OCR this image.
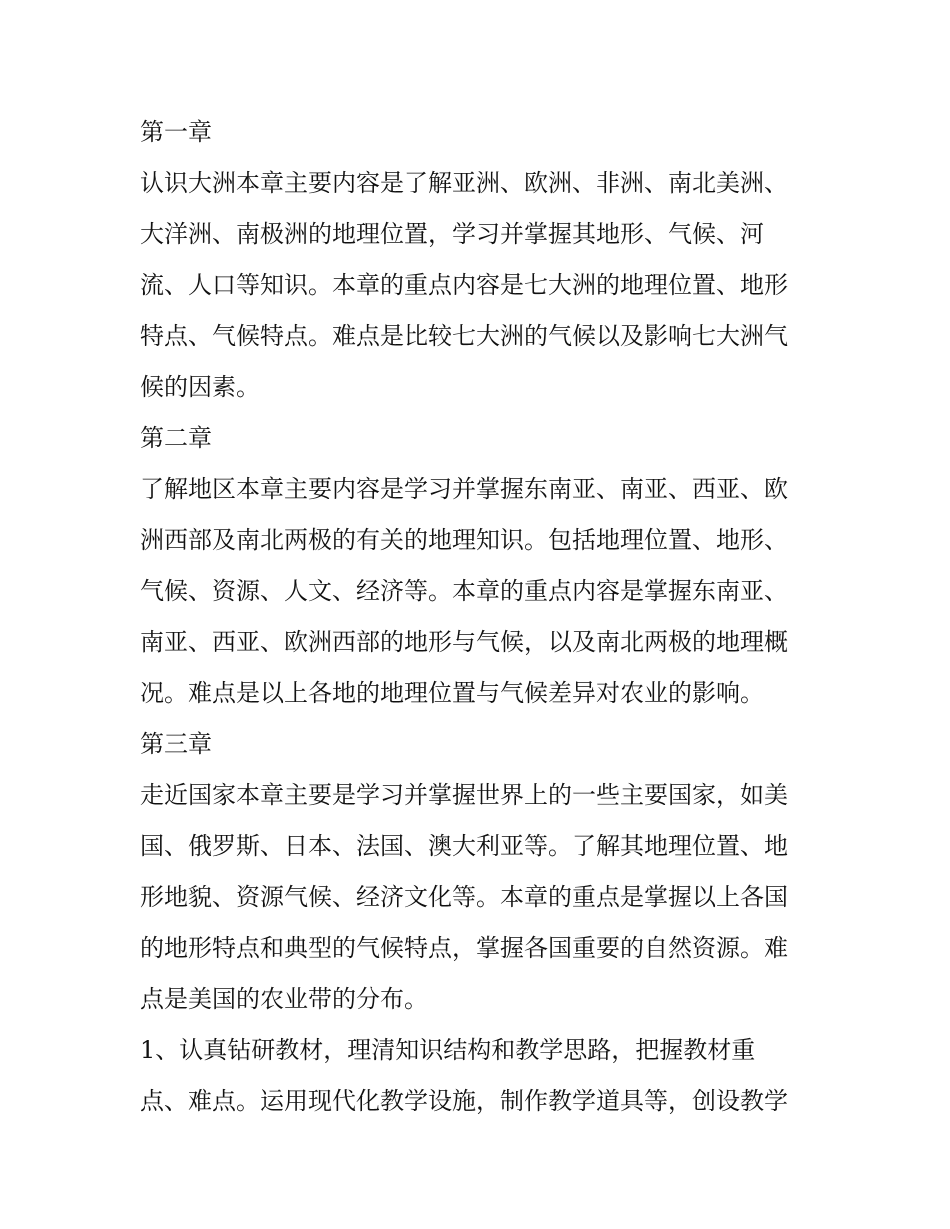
第一章
认识大洲本章主要内容是了解亚洲、欧洲、非洲、南北美洲、
大洋洲、南极洲的地理位置，学习并掌握其地形、气候、河
流、人口等知识。本章的重点内容是七大洲的地理位置、地形
特点、气候特点。难点是比较七大洲的气候以及影响七大洲气
候的因素。
第二章
了解地区本章主要内容是学习并掌握东南亚、南亚、西亚、欧
洲西部及南北两极的有关的地理知识。包括地理位置、地形、
气候、资源、人文、经济等。本章的重点内容是掌握东南亚、
南亚、西亚、欧洲西部的地形与气候，以及南北两极的地理概
况。难点是以上各地的地理位置与气候差异对农业的影响。
第三章
走近国家本章主要是学习并掌握世界上的一些主要国家，如美
国、俄罗斯、日本、法国、澳大利亚等。了解其地理位置、地
形地貌、资源气候、经济文化等。本章的重点是掌握以上各国
的地形特点和典型的气候特点，掌握各国重要的自然资源。难
点是美国的农业带的分布。
1、认真钻研教材，理清知识结构和教学思路，把握教材重
点、难点。运用现代化教学设施，制作教学道具等，创设教学
